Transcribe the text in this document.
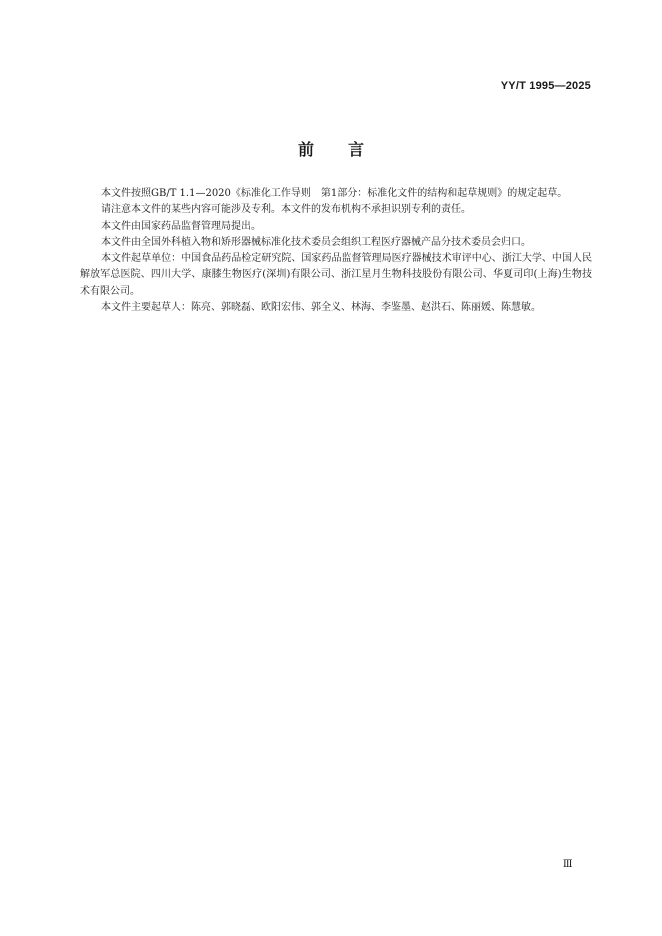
YY/T 1995—2025
前言

本文件按照GB/T 1.1—2020《标准化工作导则　第1部分：标准化文件的结构和起草规则》的规定起草。

请注意本文件的某些内容可能涉及专利。本文件的发布机构不承担识别专利的责任。

本文件由国家药品监督管理局提出。

本文件由全国外科植入物和矫形器械标准化技术委员会组织工程医疗器械产品分技术委员会归口。

本文件起草单位：中国食品药品检定研究院、国家药品监督管理局医疗器械技术审评中心、浙江大学、中国人民解放军总医院、四川大学、康膝生物医疗(深圳)有限公司、浙江星月生物科技股份有限公司、华夏司印(上海)生物技术有限公司。

本文件主要起草人：陈亮、郭晓磊、欧阳宏伟、郭全义、林海、李鉴墨、赵洪石、陈丽媛、陈慧敏。

Ⅲ
